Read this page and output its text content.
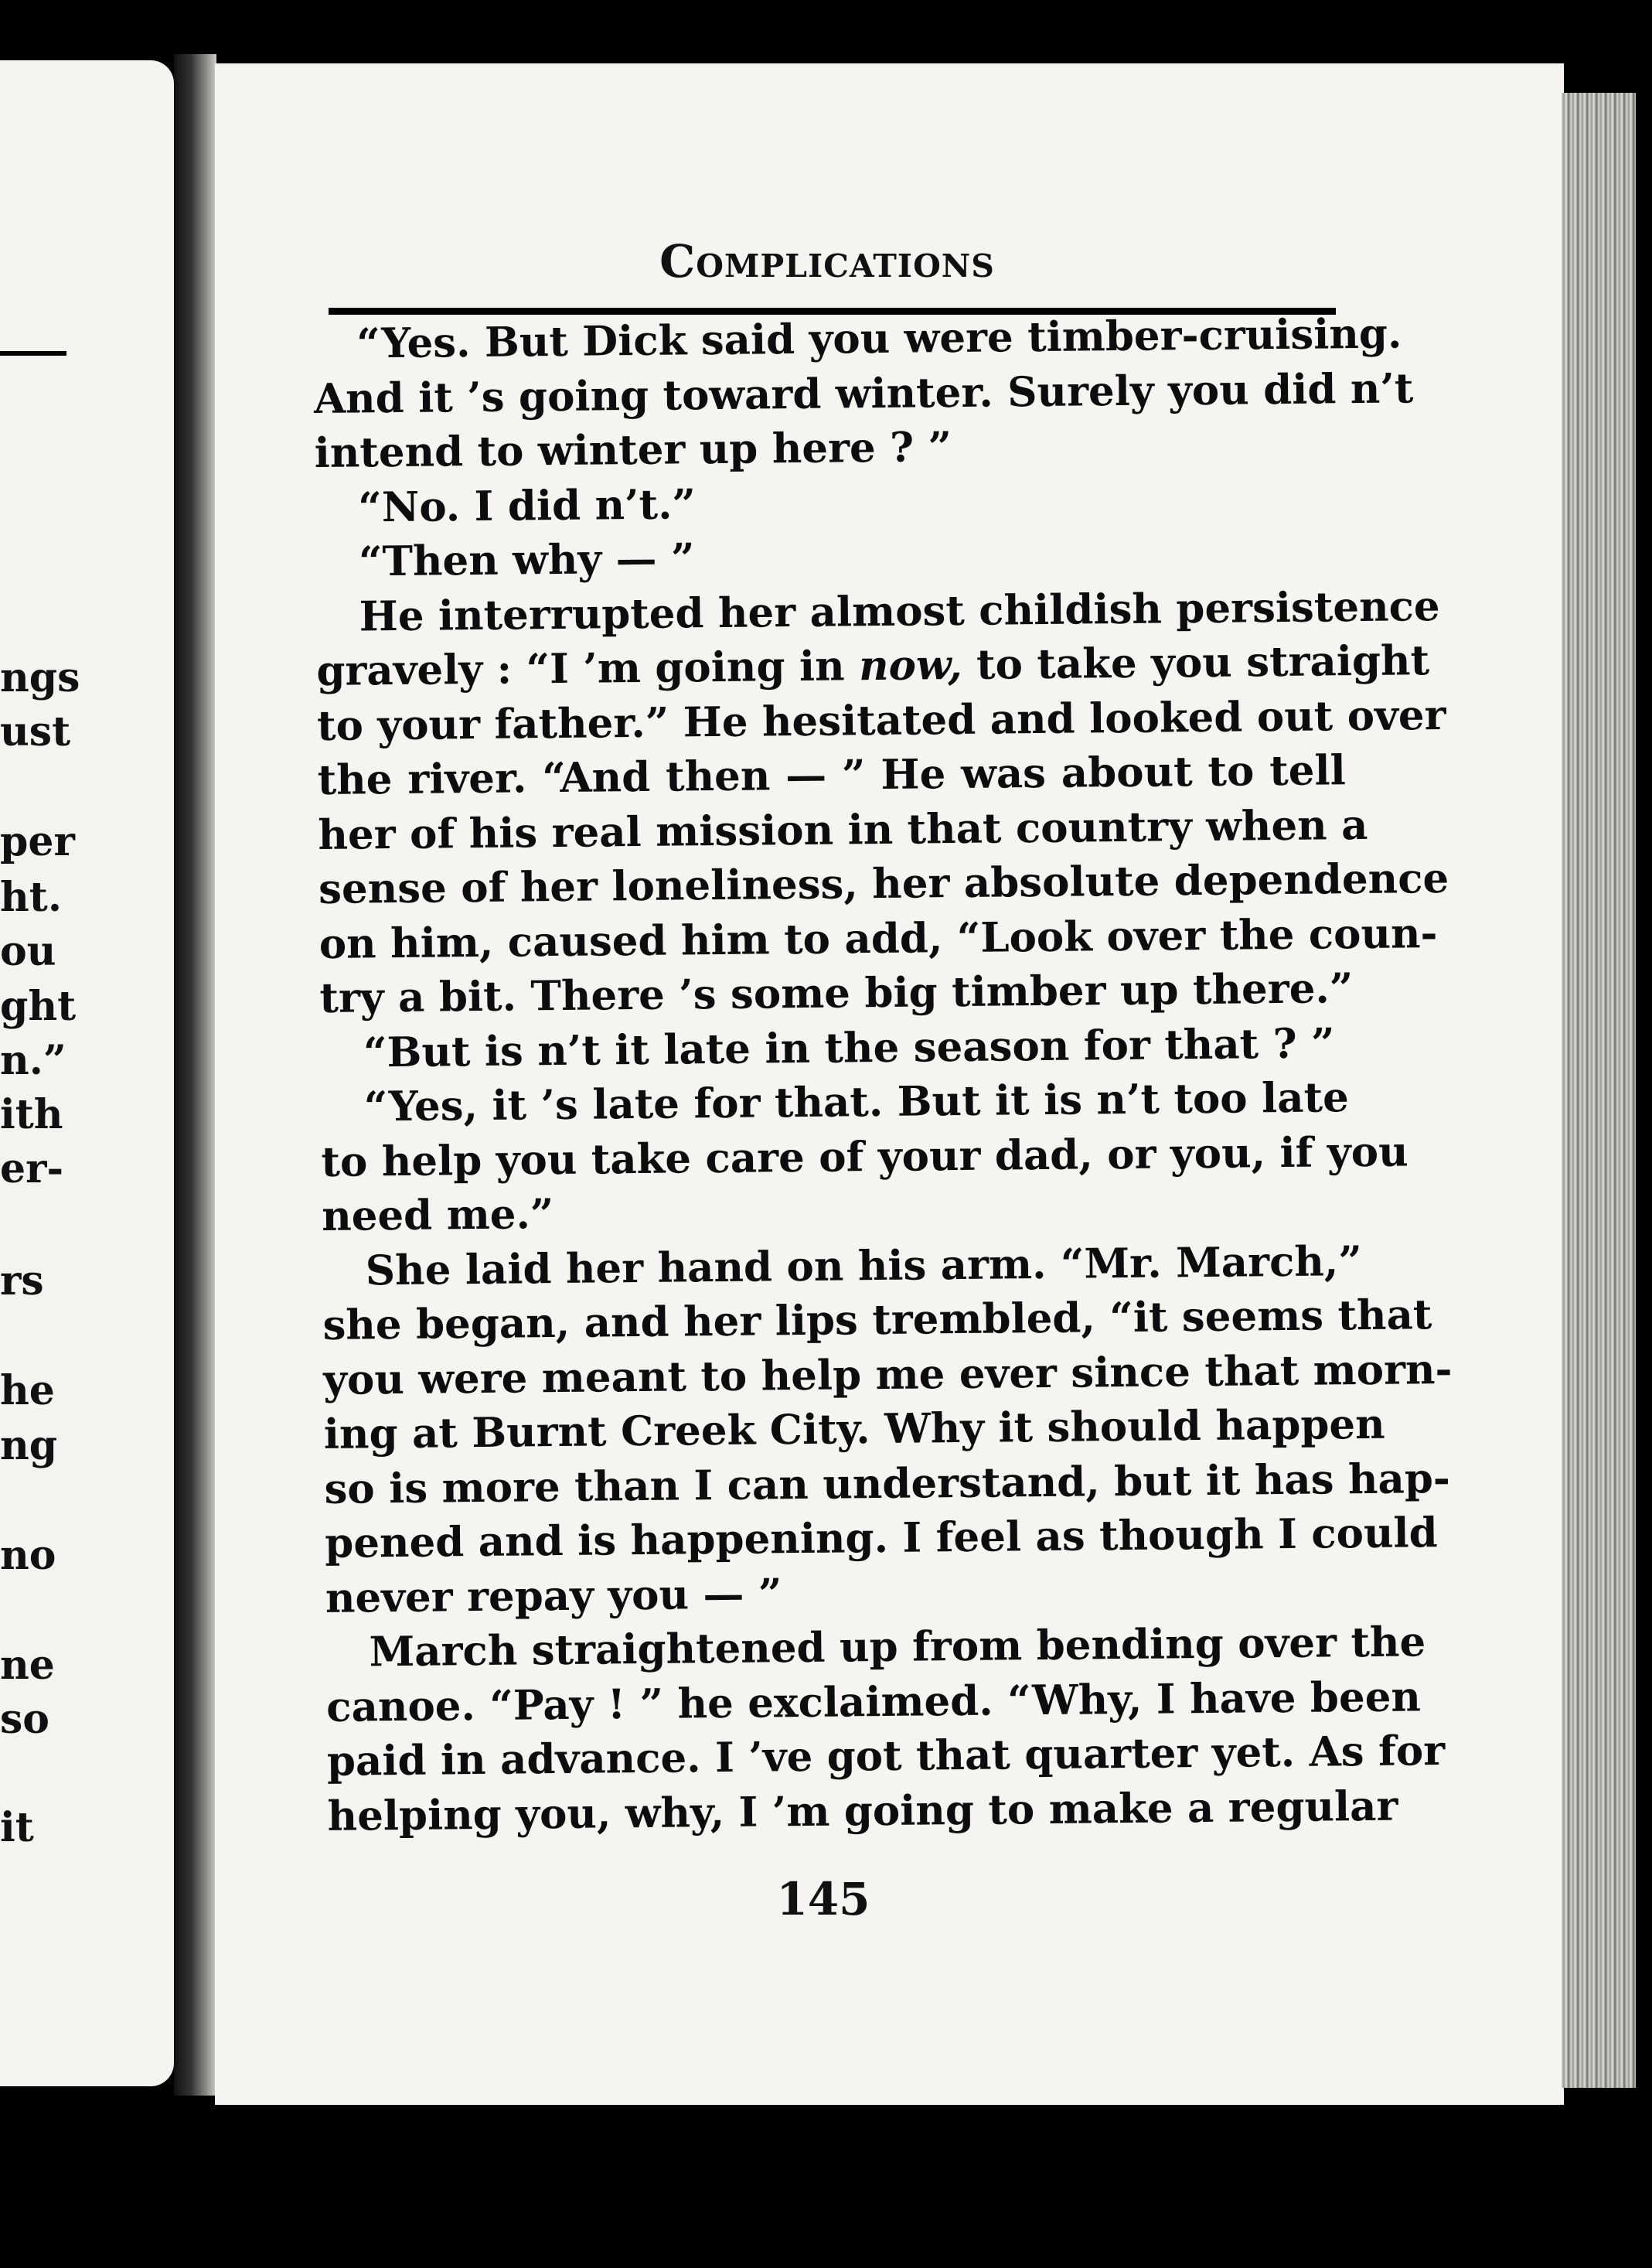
ngs
ust
per
ht.
ou
ght
n.”
ith
er-
rs
he
ng
no
ne
so
it
Complications
“Yes. But Dick said you were timber-cruising.
And it ’s going toward winter. Surely you did n’t
intend to winter up here ? ”
“No. I did n’t.”
“Then why — ”
He interrupted her almost childish persistence
gravely : “I ’m going in now, to take you straight
to your father.” He hesitated and looked out over
the river. “And then — ” He was about to tell
her of his real mission in that country when a
sense of her loneliness, her absolute dependence
on him, caused him to add, “Look over the coun-
try a bit. There ’s some big timber up there.”
“But is n’t it late in the season for that ? ”
“Yes, it ’s late for that. But it is n’t too late
to help you take care of your dad, or you, if you
need me.”
She laid her hand on his arm. “Mr. March,”
she began, and her lips trembled, “it seems that
you were meant to help me ever since that morn-
ing at Burnt Creek City. Why it should happen
so is more than I can understand, but it has hap-
pened and is happening. I feel as though I could
never repay you — ”
March straightened up from bending over the
canoe. “Pay ! ” he exclaimed. “Why, I have been
paid in advance. I ’ve got that quarter yet. As for
helping you, why, I ’m going to make a regular
145
